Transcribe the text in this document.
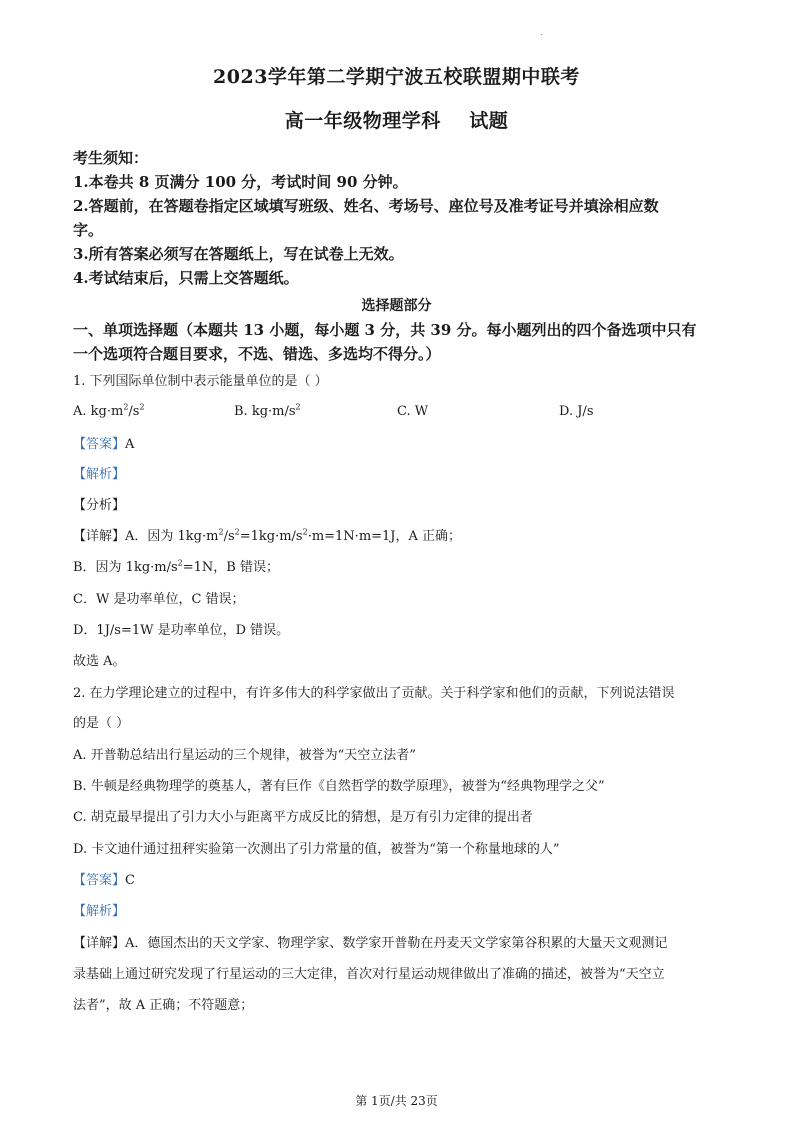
.
2023学年第二学期宁波五校联盟期中联考
高一年级物理学科    试题
考生须知：
1.本卷共 8 页满分 100 分，考试时间 90 分钟。
2.答题前，在答题卷指定区域填写班级、姓名、考场号、座位号及准考证号并填涂相应数
字。
3.所有答案必须写在答题纸上，写在试卷上无效。
4.考试结束后，只需上交答题纸。
选择题部分
一、单项选择题（本题共 13 小题，每小题 3 分，共 39 分。每小题列出的四个备选项中只有
一个选项符合题目要求，不选、错选、多选均不得分。）
1. 下列国际单位制中表示能量单位的是（ ）
A. $kg\cdot m^2/s^2$	B. $kg\cdot m/s^2$	C. W	D. J/s
【答案】A
【解析】
【分析】
【详解】A．因为 $1kg\cdot m^2/s^2=1kg\cdot m/s^2\cdot m=1N\cdot m=1J$，A 正确；
B．因为 $1kg\cdot m/s^2=1N$，B 错误；
C．W 是功率单位，C 错误；
D．1J/s=1W 是功率单位，D 错误。
故选 A。
2. 在力学理论建立的过程中，有许多伟大的科学家做出了贡献。关于科学家和他们的贡献，下列说法错误
的是（ ）
A. 开普勒总结出行星运动的三个规律，被誉为“天空立法者”
B. 牛顿是经典物理学的奠基人，著有巨作《自然哲学的数学原理》，被誉为“经典物理学之父”
C. 胡克最早提出了引力大小与距离平方成反比的猜想，是万有引力定律的提出者
D. 卡文迪什通过扭秤实验第一次测出了引力常量的值，被誉为“第一个称量地球的人”
【答案】C
【解析】
【详解】A．德国杰出的天文学家、物理学家、数学家开普勒在丹麦天文学家第谷积累的大量天文观测记
录基础上通过研究发现了行星运动的三大定律，首次对行星运动规律做出了准确的描述，被誉为“天空立
法者”，故 A 正确；不符题意；
第 1页/共 23页
